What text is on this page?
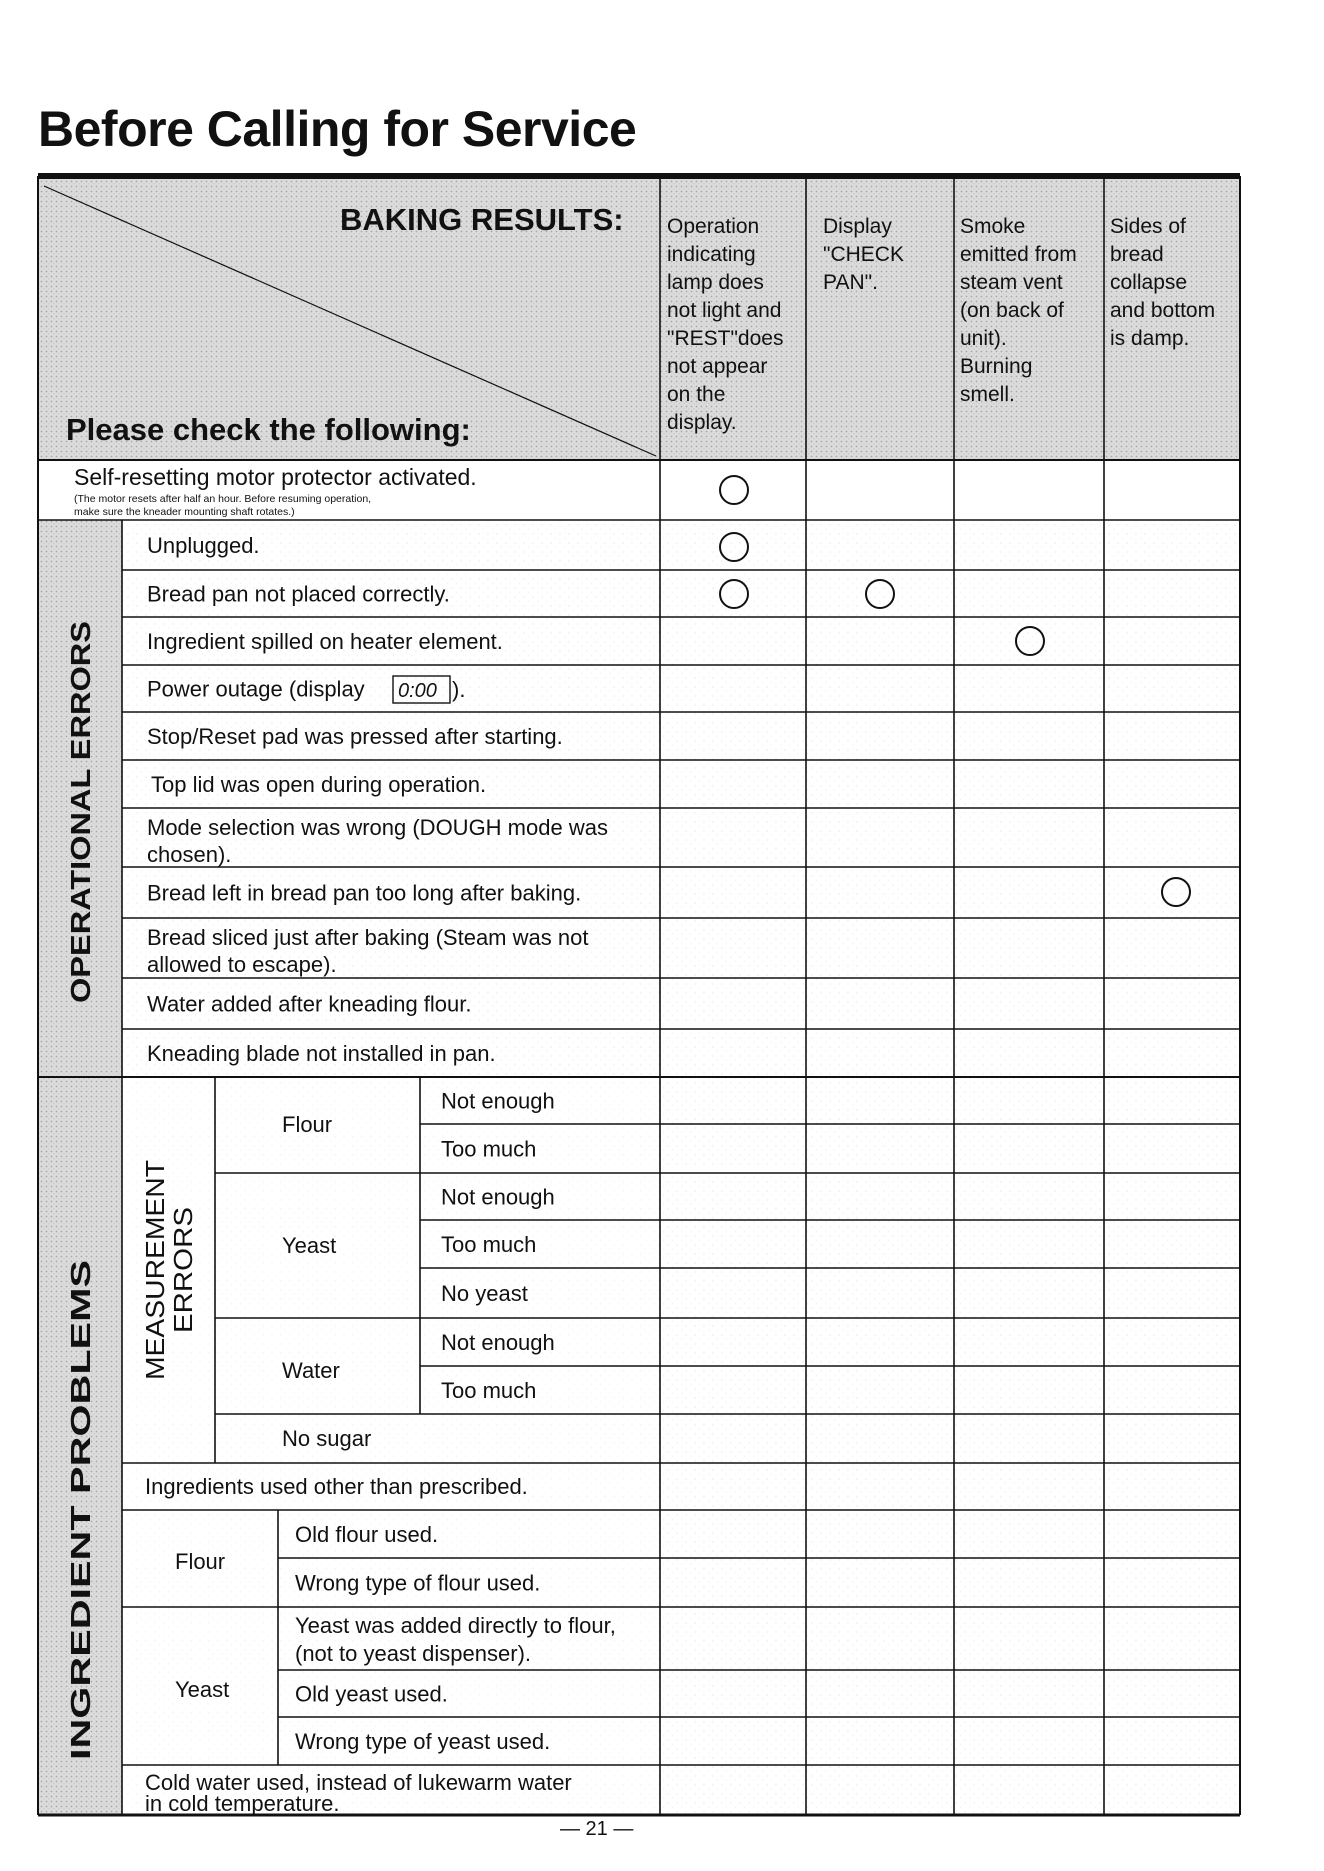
Before Calling for Service
BAKING RESULTS:
Please check the following:
Operation
indicating
lamp does
not light and
"REST"does
not appear
on the
display.
Display
"CHECK
PAN".
Smoke
emitted from
steam vent
(on back of
unit).
Burning
smell.
Sides of
bread
collapse
and bottom
is damp.
Self-resetting motor protector activated.
(The motor resets after half an hour. Before resuming operation,
make sure the kneader mounting shaft rotates.)
Unplugged.
Bread pan not placed correctly.
Ingredient spilled on heater element.
Power outage (display
Stop/Reset pad was pressed after starting.
Top lid was open during operation.
Mode selection was wrong (DOUGH mode was
chosen).
Bread left in bread pan too long after baking.
Bread sliced just after baking (Steam was not
allowed to escape).
Water added after kneading flour.
Kneading blade not installed in pan.
0:00 ).
OPERATIONAL ERRORS
INGREDIENT PROBLEMS
MEASUREMENT
ERRORS
Not enough
Too much
Not enough
Too much
No yeast
Not enough
Too much
Flour
Yeast
Water
No sugar
Ingredients used other than prescribed.
Old flour used.
Wrong type of flour used.
Yeast was added directly to flour,
(not to yeast dispenser).
Old yeast used.
Wrong type of yeast used.
Flour
Yeast
Cold water used, instead of lukewarm water
in cold temperature.
— 21 —
